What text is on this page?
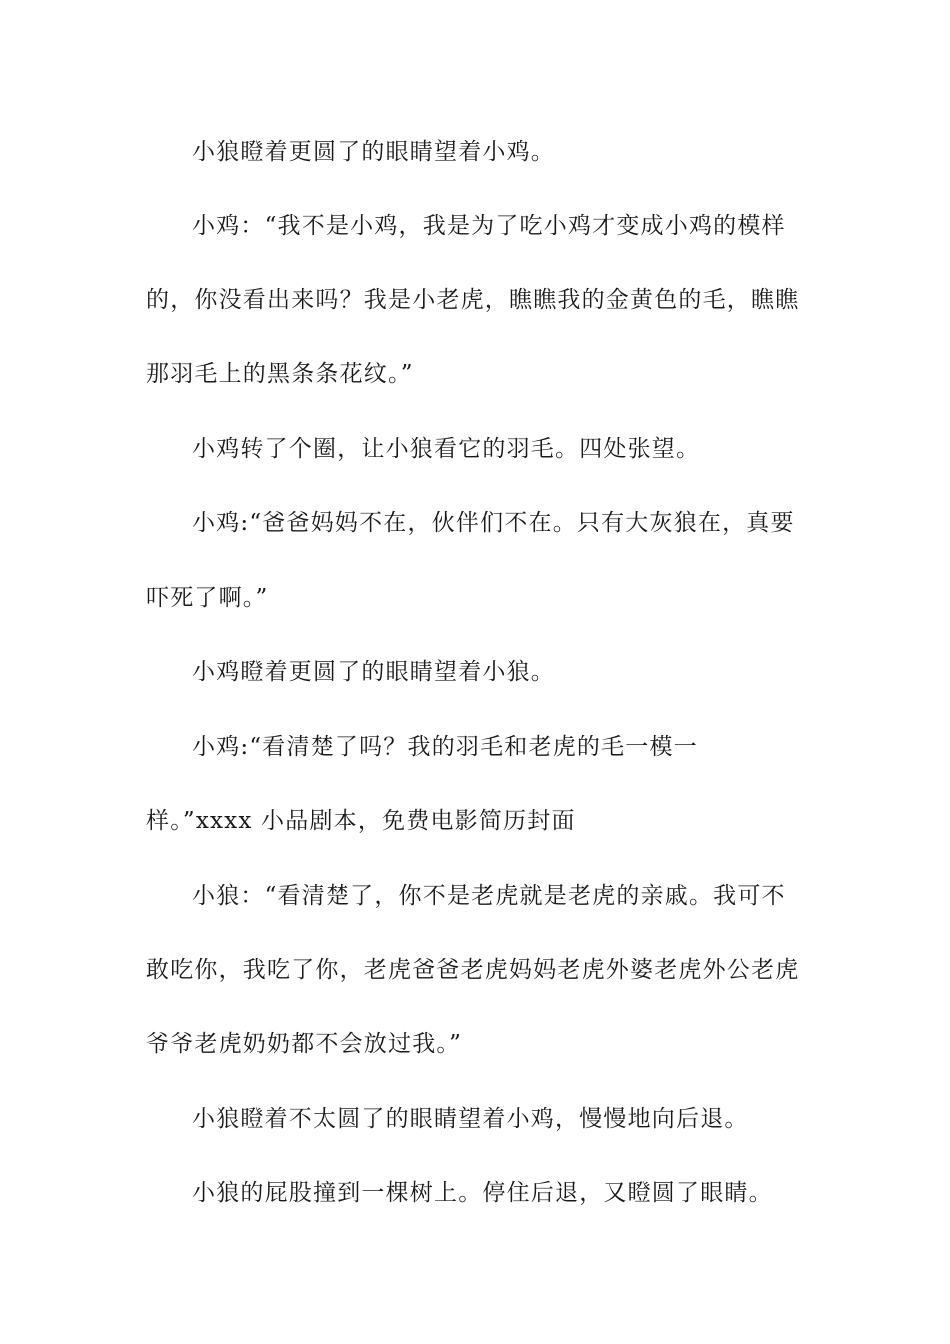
小狼瞪着更圆了的眼睛望着小鸡。
小鸡：“我不是小鸡，我是为了吃小鸡才变成小鸡的模样
的，你没看出来吗？我是小老虎，瞧瞧我的金黄色的毛，瞧瞧
那羽毛上的黑条条花纹。”
小鸡转了个圈，让小狼看它的羽毛。四处张望。
小鸡:“爸爸妈妈不在，伙伴们不在。只有大灰狼在，真要
吓死了啊。”
小鸡瞪着更圆了的眼睛望着小狼。
小鸡:“看清楚了吗？我的羽毛和老虎的毛一模一
样。”xxxx 小品剧本，免费电影简历封面
小狼：“看清楚了，你不是老虎就是老虎的亲戚。我可不
敢吃你，我吃了你，老虎爸爸老虎妈妈老虎外婆老虎外公老虎
爷爷老虎奶奶都不会放过我。”
小狼瞪着不太圆了的眼睛望着小鸡，慢慢地向后退。
小狼的屁股撞到一棵树上。停住后退，又瞪圆了眼睛。
